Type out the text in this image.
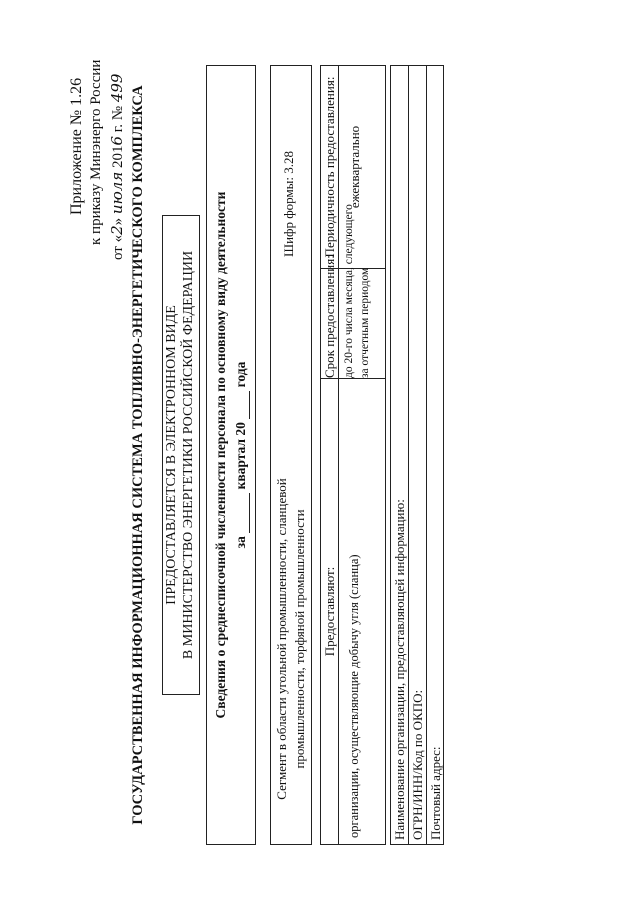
Приложение № 1.26 к приказу Минэнерго России
от «2» июля 2016 г. № 499 ГОСУДАРСТВЕННАЯ ИНФОРМАЦИОННАЯ СИСТЕМА ТОПЛИВНО-ЭНЕРГЕТИЧЕСКОГО КОМПЛЕКСА ПРЕДОСТАВЛЯЕТСЯ В ЭЛЕКТРОННОМ ВИДЕ В МИНИСТЕРСТВО ЭНЕРГЕТИКИ РОССИЙСКОЙ ФЕДЕРАЦИИ Сведения о среднесписочной численности персонала по основному виду деятельности за   квартал 20   года
Сегмент в области угольной промышленности, сланцевой промышленности, торфяной промышленности
Шифр формы: 3.28
Предоставляют:
Срок предоставления:
Периодичность предоставления:
организации, осуществляющие добычу угля (сланца)
до 20-го числа месяца, следующего за отчетным периодом
ежеквартально
Наименование организации, предоставляющей информацию: ОГРН/ИНН/Код по ОКПО: Почтовый адрес:
